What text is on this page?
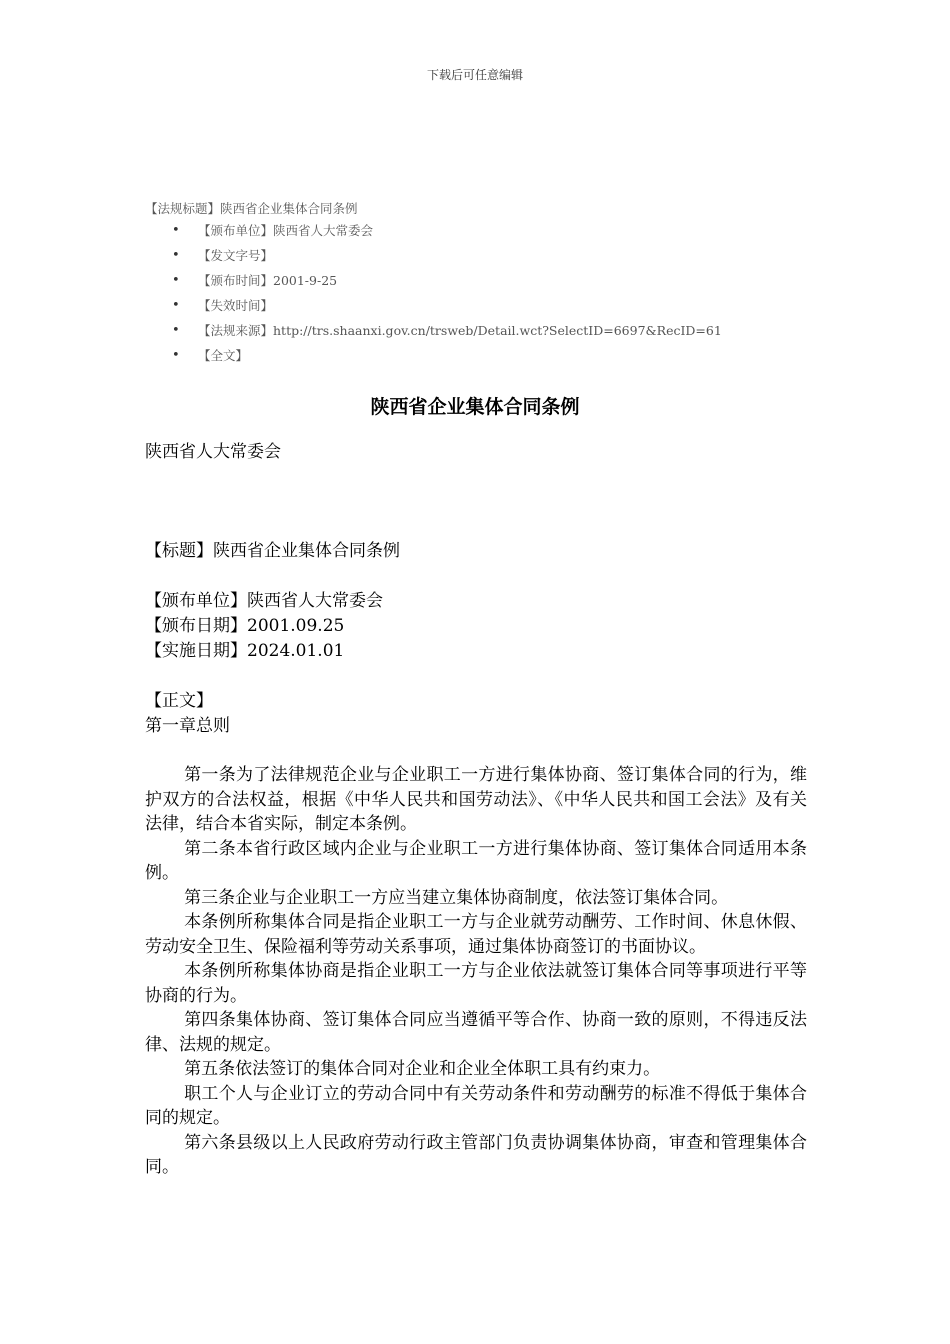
下载后可任意编辑
【法规标题】陕西省企业集体合同条例
• 【颁布单位】陕西省人大常委会
• 【发文字号】
• 【颁布时间】2001-9-25
• 【失效时间】
• 【法规来源】http://trs.shaanxi.gov.cn/trsweb/Detail.wct?SelectID=6697&RecID=61
• 【全文】
陕西省企业集体合同条例
陕西省人大常委会
【标题】陕西省企业集体合同条例
【颁布单位】陕西省人大常委会
【颁布日期】2001.09.25
【实施日期】2024.01.01
【正文】
第一章总则

第一条为了法律规范企业与企业职工一方进行集体协商、签订集体合同的行为，维护双方的合法权益，根据《中华人民共和国劳动法》、《中华人民共和国工会法》及有关法律，结合本省实际，制定本条例。

第二条本省行政区域内企业与企业职工一方进行集体协商、签订集体合同适用本条例。

第三条企业与企业职工一方应当建立集体协商制度，依法签订集体合同。

本条例所称集体合同是指企业职工一方与企业就劳动酬劳、工作时间、休息休假、劳动安全卫生、保险福利等劳动关系事项，通过集体协商签订的书面协议。

本条例所称集体协商是指企业职工一方与企业依法就签订集体合同等事项进行平等协商的行为。

第四条集体协商、签订集体合同应当遵循平等合作、协商一致的原则，不得违反法律、法规的规定。

第五条依法签订的集体合同对企业和企业全体职工具有约束力。

职工个人与企业订立的劳动合同中有关劳动条件和劳动酬劳的标准不得低于集体合同的规定。

第六条县级以上人民政府劳动行政主管部门负责协调集体协商，审查和管理集体合同。
